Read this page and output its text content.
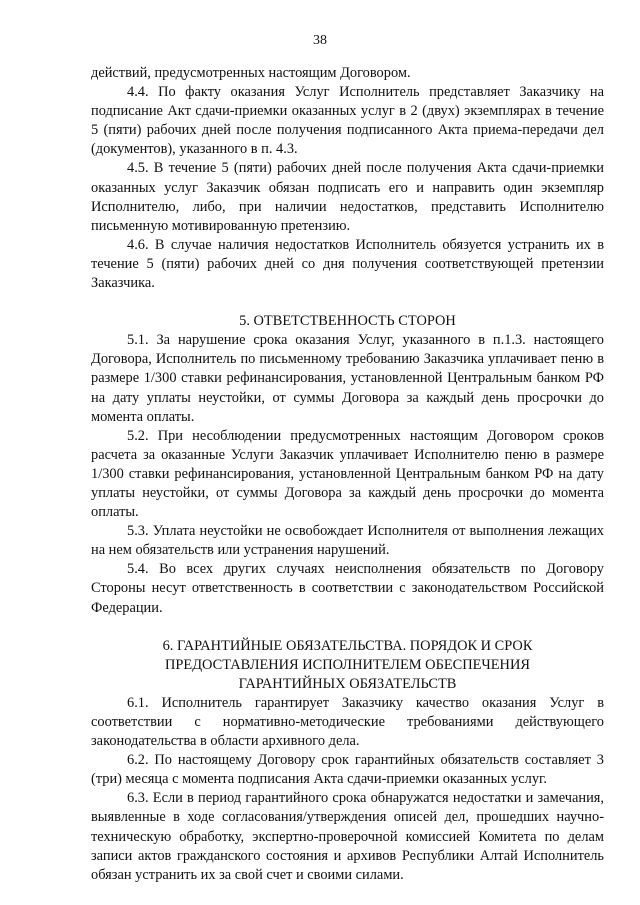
38

действий, предусмотренных настоящим Договором.

4.4. По факту оказания Услуг Исполнитель представляет Заказчику на подписание Акт сдачи-приемки оказанных услуг в 2 (двух) экземплярах в течение 5 (пяти) рабочих дней после получения подписанного Акта приема-передачи дел (документов), указанного в п. 4.3.

4.5. В течение 5 (пяти) рабочих дней после получения Акта сдачи-приемки оказанных услуг Заказчик обязан подписать его и направить один экземпляр Исполнителю, либо, при наличии недостатков, представить Исполнителю письменную мотивированную претензию.

4.6. В случае наличия недостатков Исполнитель обязуется устранить их в течение 5 (пяти) рабочих дней со дня получения соответствующей претензии Заказчика.

5. ОТВЕТСТВЕННОСТЬ СТОРОН

5.1. За нарушение срока оказания Услуг, указанного в п.1.3. настоящего Договора, Исполнитель по письменному требованию Заказчика уплачивает пеню в размере 1/300 ставки рефинансирования, установленной Центральным банком РФ на дату уплаты неустойки, от суммы Договора за каждый день просрочки до момента оплаты.

5.2. При несоблюдении предусмотренных настоящим Договором сроков расчета за оказанные Услуги Заказчик уплачивает Исполнителю пеню в размере 1/300 ставки рефинансирования, установленной Центральным банком РФ на дату уплаты неустойки, от суммы Договора за каждый день просрочки до момента оплаты.

5.3. Уплата неустойки не освобождает Исполнителя от выполнения лежащих на нем обязательств или устранения нарушений.

5.4. Во всех других случаях неисполнения обязательств по Договору Стороны несут ответственность в соответствии с законодательством Российской Федерации.

6. ГАРАНТИЙНЫЕ ОБЯЗАТЕЛЬСТВА. ПОРЯДОК И СРОК

ПРЕДОСТАВЛЕНИЯ ИСПОЛНИТЕЛЕМ ОБЕСПЕЧЕНИЯ

ГАРАНТИЙНЫХ ОБЯЗАТЕЛЬСТВ

6.1. Исполнитель гарантирует Заказчику качество оказания Услуг в соответствии с нормативно-методические требованиями действующего законодательства в области архивного дела.

6.2. По настоящему Договору срок гарантийных обязательств составляет 3 (три) месяца с момента подписания Акта сдачи-приемки оказанных услуг.

6.3. Если в период гарантийного срока обнаружатся недостатки и замечания, выявленные в ходе согласования/утверждения описей дел, прошедших научно-техническую обработку, экспертно-проверочной комиссией Комитета по делам записи актов гражданского состояния и архивов Республики Алтай Исполнитель обязан устранить их за свой счет и своими силами.
